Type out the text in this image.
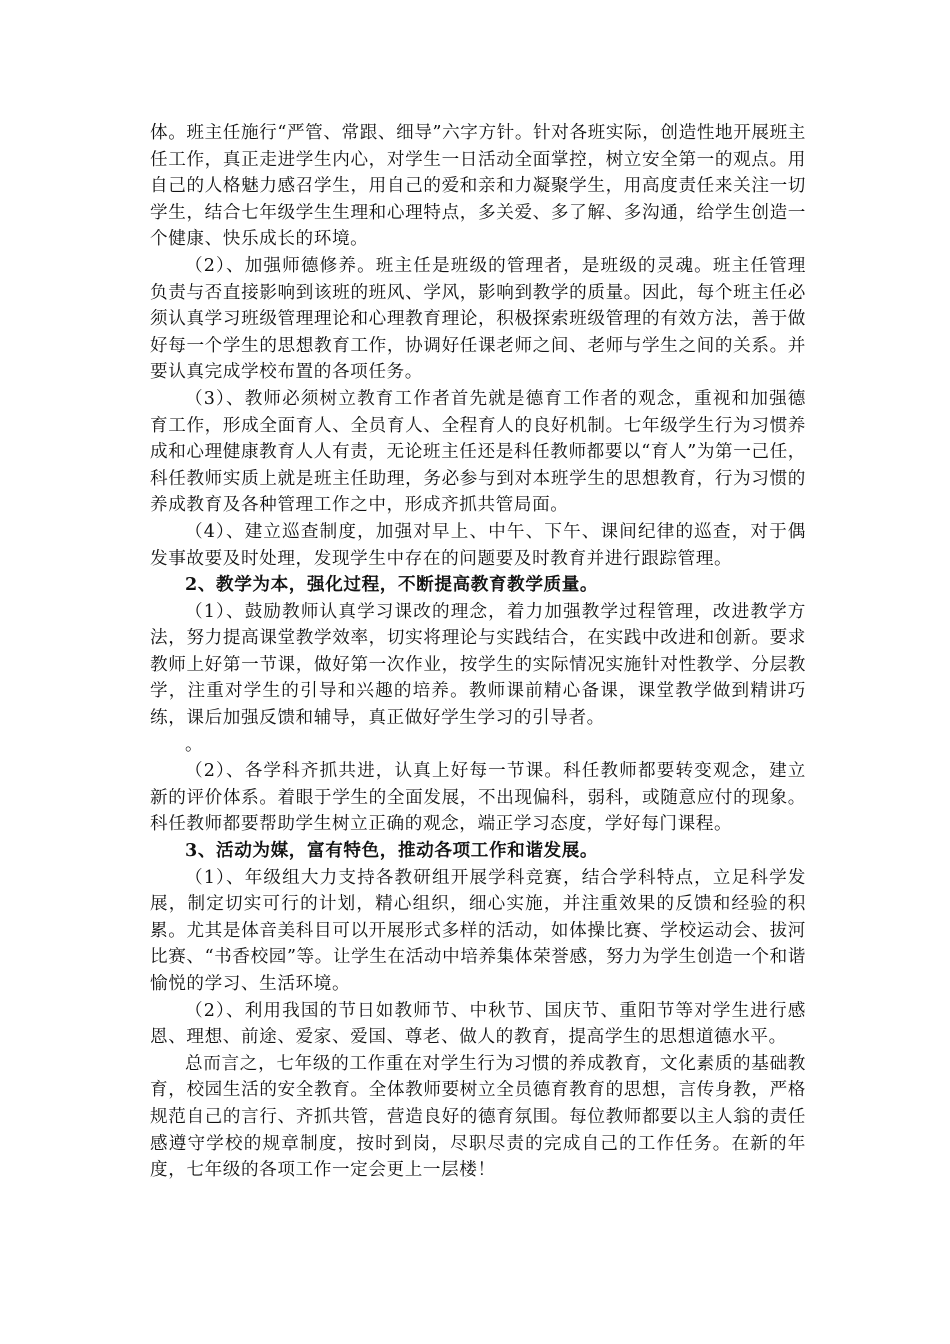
体。班主任施行“严管、常跟、细导”六字方针。针对各班实际，创造性地开展班主任工作，真正走进学生内心，对学生一日活动全面掌控，树立安全第一的观点。用自己的人格魅力感召学生，用自己的爱和亲和力凝聚学生，用高度责任来关注一切学生，结合七年级学生生理和心理特点，多关爱、多了解、多沟通，给学生创造一个健康、快乐成长的环境。

（2）、加强师德修养。班主任是班级的管理者，是班级的灵魂。班主任管理负责与否直接影响到该班的班风、学风，影响到教学的质量。因此，每个班主任必须认真学习班级管理理论和心理教育理论，积极探索班级管理的有效方法，善于做好每一个学生的思想教育工作，协调好任课老师之间、老师与学生之间的关系。并要认真完成学校布置的各项任务。

（3）、教师必须树立教育工作者首先就是德育工作者的观念，重视和加强德育工作，形成全面育人、全员育人、全程育人的良好机制。七年级学生行为习惯养成和心理健康教育人人有责，无论班主任还是科任教师都要以“育人”为第一己任，科任教师实质上就是班主任助理，务必参与到对本班学生的思想教育，行为习惯的养成教育及各种管理工作之中，形成齐抓共管局面。

（4）、建立巡查制度，加强对早上、中午、下午、课间纪律的巡查，对于偶发事故要及时处理，发现学生中存在的问题要及时教育并进行跟踪管理。

2、教学为本，强化过程，不断提高教育教学质量。

（1）、鼓励教师认真学习课改的理念，着力加强教学过程管理，改进教学方法，努力提高课堂教学效率，切实将理论与实践结合，在实践中改进和创新。要求教师上好第一节课，做好第一次作业，按学生的实际情况实施针对性教学、分层教学，注重对学生的引导和兴趣的培养。教师课前精心备课，课堂教学做到精讲巧练，课后加强反馈和辅导，真正做好学生学习的引导者。

。

（2）、各学科齐抓共进，认真上好每一节课。科任教师都要转变观念，建立新的评价体系。着眼于学生的全面发展，不出现偏科，弱科，或随意应付的现象。科任教师都要帮助学生树立正确的观念，端正学习态度，学好每门课程。

3、活动为媒，富有特色，推动各项工作和谐发展。

（1）、年级组大力支持各教研组开展学科竞赛，结合学科特点，立足科学发展，制定切实可行的计划，精心组织，细心实施，并注重效果的反馈和经验的积累。尤其是体音美科目可以开展形式多样的活动，如体操比赛、学校运动会、拔河比赛、“书香校园”等。让学生在活动中培养集体荣誉感，努力为学生创造一个和谐愉悦的学习、生活环境。

（2）、利用我国的节日如教师节、中秋节、国庆节、重阳节等对学生进行感恩、理想、前途、爱家、爱国、尊老、做人的教育，提高学生的思想道德水平。

总而言之，七年级的工作重在对学生行为习惯的养成教育，文化素质的基础教育，校园生活的安全教育。全体教师要树立全员德育教育的思想，言传身教，严格规范自己的言行、齐抓共管，营造良好的德育氛围。每位教师都要以主人翁的责任感遵守学校的规章制度，按时到岗，尽职尽责的完成自己的工作任务。在新的年度，七年级的各项工作一定会更上一层楼！
